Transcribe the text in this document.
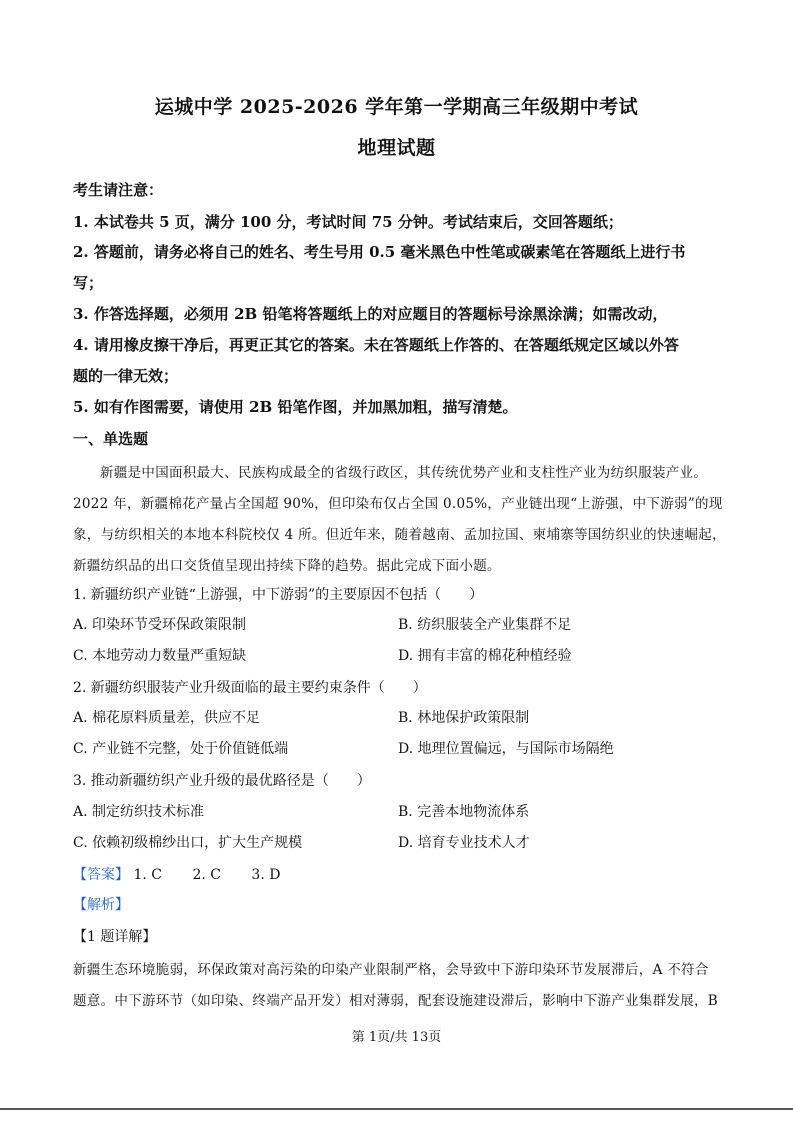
运城中学 2025-2026 学年第一学期高三年级期中考试
地理试题
考生请注意：
1. 本试卷共 5 页，满分 100 分，考试时间 75 分钟。考试结束后，交回答题纸；
2. 答题前，请务必将自己的姓名、考生号用 0.5 毫米黑色中性笔或碳素笔在答题纸上进行书
写；
3. 作答选择题，必须用 2B 铅笔将答题纸上的对应题目的答题标号涂黑涂满；如需改动，
4. 请用橡皮擦干净后，再更正其它的答案。未在答题纸上作答的、在答题纸规定区域以外答
题的一律无效；
5. 如有作图需要，请使用 2B 铅笔作图，并加黑加粗，描写清楚。
一、单选题
新疆是中国面积最大、民族构成最全的省级行政区，其传统优势产业和支柱性产业为纺织服装产业。
2022 年，新疆棉花产量占全国超 90%，但印染布仅占全国 0.05%，产业链出现“上游强，中下游弱”的现
象，与纺织相关的本地本科院校仅 4 所。但近年来，随着越南、孟加拉国、柬埔寨等国纺织业的快速崛起，
新疆纺织品的出口交货值呈现出持续下降的趋势。据此完成下面小题。
1. 新疆纺织产业链“上游强，中下游弱”的主要原因不包括（　　）
A. 印染环节受环保政策限制	B. 纺织服装全产业集群不足
C. 本地劳动力数量严重短缺	D. 拥有丰富的棉花种植经验
2. 新疆纺织服装产业升级面临的最主要约束条件（　　）
A. 棉花原料质量差，供应不足	B. 林地保护政策限制
C. 产业链不完整，处于价值链低端	D. 地理位置偏远，与国际市场隔绝
3. 推动新疆纺织产业升级的最优路径是（　　）
A. 制定纺织技术标准	B. 完善本地物流体系
C. 依赖初级棉纱出口，扩大生产规模	D. 培育专业技术人才
【答案】 1. C 2. C 3. D
【解析】
【1 题详解】
新疆生态环境脆弱，环保政策对高污染的印染产业限制严格，会导致中下游印染环节发展滞后，A 不符合
题意。中下游环节（如印染、终端产品开发）相对薄弱，配套设施建设滞后，影响中下游产业集群发展，B
第 1页/共 13页
